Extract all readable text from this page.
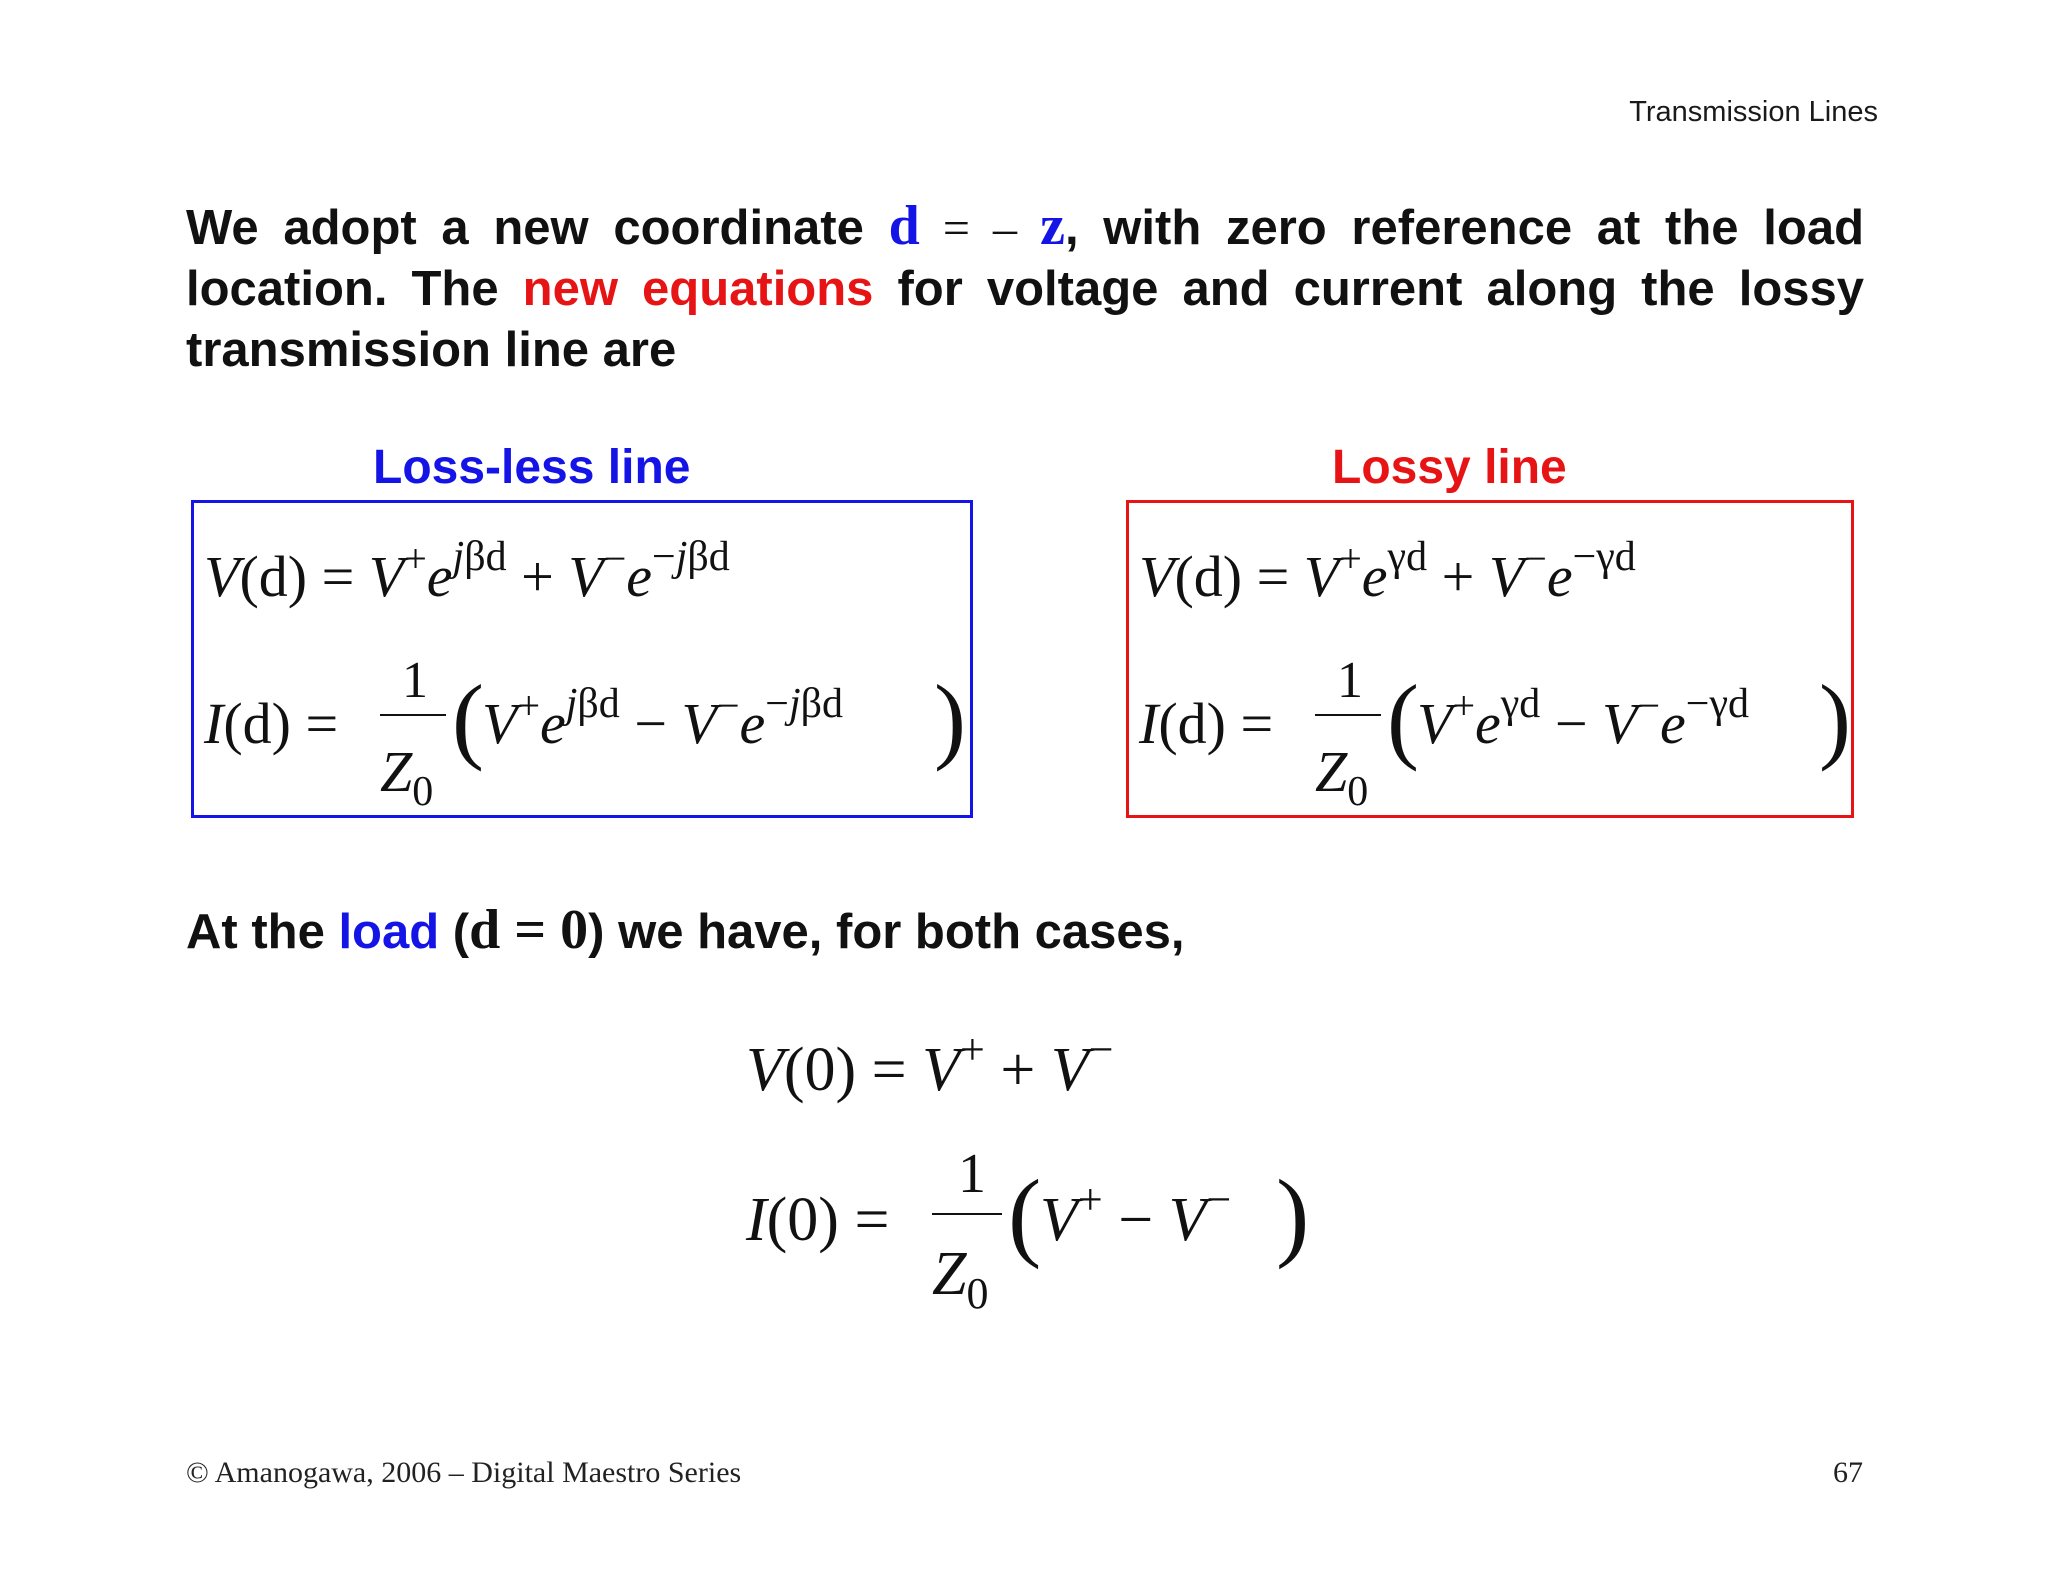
Transmission Lines
We adopt a new coordinate d = – z, with zero reference at the load location. The new equations for voltage and current along the lossy transmission line are
Loss-less line
$V(d) = V^+e^{j\beta d} + V^-e^{-j\beta d}$
I(d) =
1
$Z_0$
(
$V^+e^{j\beta d} - V^-e^{-j\beta d}$ )
Lossy line
$V(d) = V^+e^{\gamma d} + V^-e^{-\gamma d}$
I(d) =
1
$Z_0$
(
$V^+e^{\gamma d} - V^-e^{-\gamma d}$ )
At the load (d = 0) we have, for both cases,
V(0) = V+ + V−
I(0) =
1
$Z_0$
(
V+ − V− )
© Amanogawa, 2006 – Digital Maestro Series	67
